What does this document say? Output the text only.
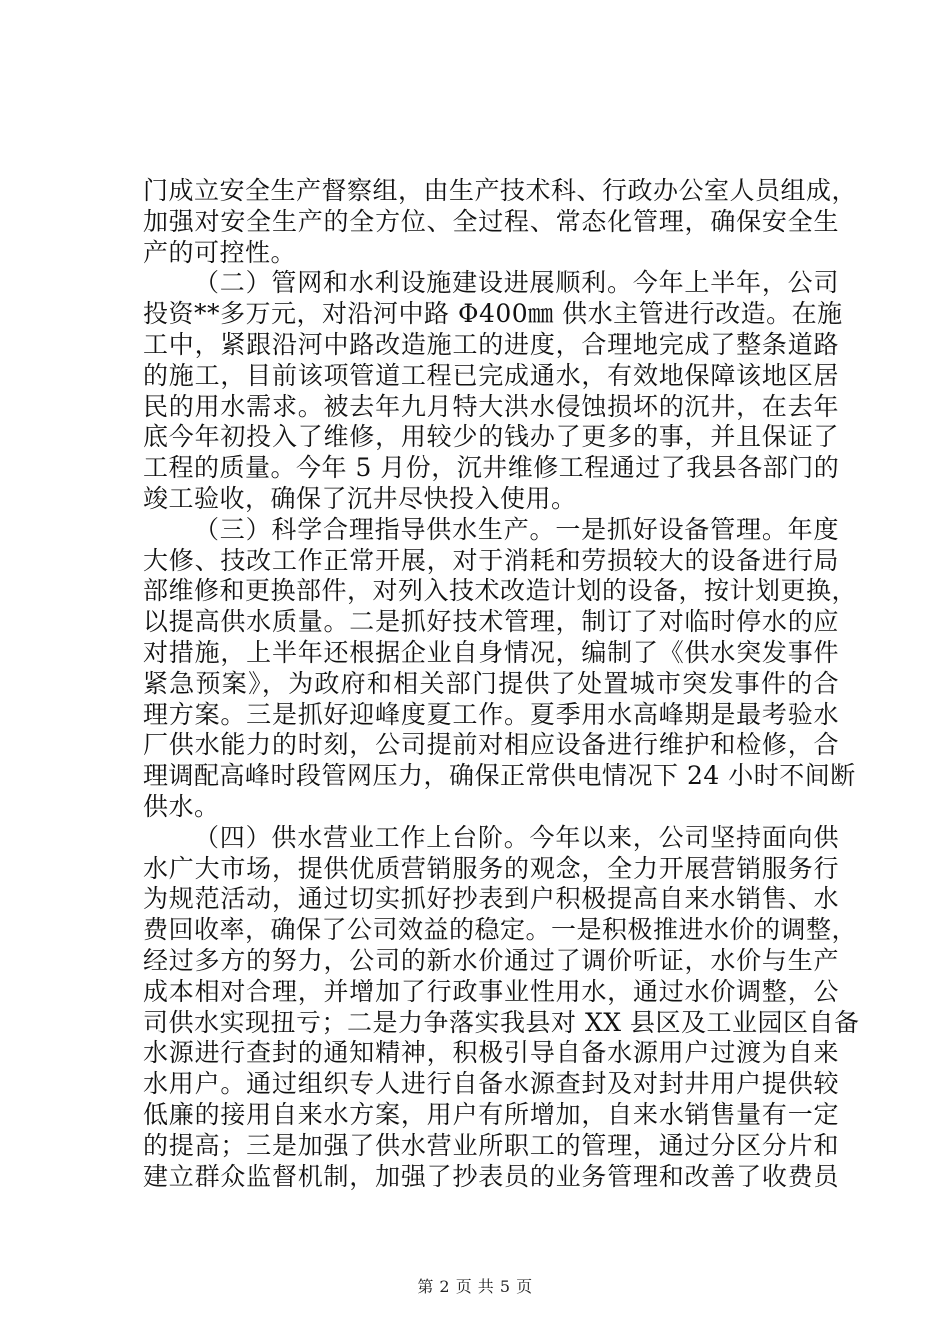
门成立安全生产督察组，由生产技术科、行政办公室人员组成，
加强对安全生产的全方位、全过程、常态化管理，确保安全生
产的可控性。
（二）管网和水利设施建设进展顺利。今年上半年，公司
投资**多万元，对沿河中路 Φ400㎜ 供水主管进行改造。在施
工中，紧跟沿河中路改造施工的进度，合理地完成了整条道路
的施工，目前该项管道工程已完成通水，有效地保障该地区居
民的用水需求。被去年九月特大洪水侵蚀损坏的沉井，在去年
底今年初投入了维修，用较少的钱办了更多的事，并且保证了
工程的质量。今年 5 月份，沉井维修工程通过了我县各部门的
竣工验收，确保了沉井尽快投入使用。
（三）科学合理指导供水生产。一是抓好设备管理。年度
大修、技改工作正常开展，对于消耗和劳损较大的设备进行局
部维修和更换部件，对列入技术改造计划的设备，按计划更换，
以提高供水质量。二是抓好技术管理，制订了对临时停水的应
对措施，上半年还根据企业自身情况，编制了《供水突发事件
紧急预案》，为政府和相关部门提供了处置城市突发事件的合
理方案。三是抓好迎峰度夏工作。夏季用水高峰期是最考验水
厂供水能力的时刻，公司提前对相应设备进行维护和检修，合
理调配高峰时段管网压力，确保正常供电情况下 24 小时不间断
供水。
（四）供水营业工作上台阶。今年以来，公司坚持面向供
水广大市场，提供优质营销服务的观念，全力开展营销服务行
为规范活动，通过切实抓好抄表到户积极提高自来水销售、水
费回收率，确保了公司效益的稳定。一是积极推进水价的调整，
经过多方的努力，公司的新水价通过了调价听证，水价与生产
成本相对合理，并增加了行政事业性用水，通过水价调整，公
司供水实现扭亏；二是力争落实我县对 XX 县区及工业园区自备
水源进行查封的通知精神，积极引导自备水源用户过渡为自来
水用户。通过组织专人进行自备水源查封及对封井用户提供较
低廉的接用自来水方案，用户有所增加，自来水销售量有一定
的提高；三是加强了供水营业所职工的管理，通过分区分片和
建立群众监督机制，加强了抄表员的业务管理和改善了收费员
第 2 页 共 5 页
